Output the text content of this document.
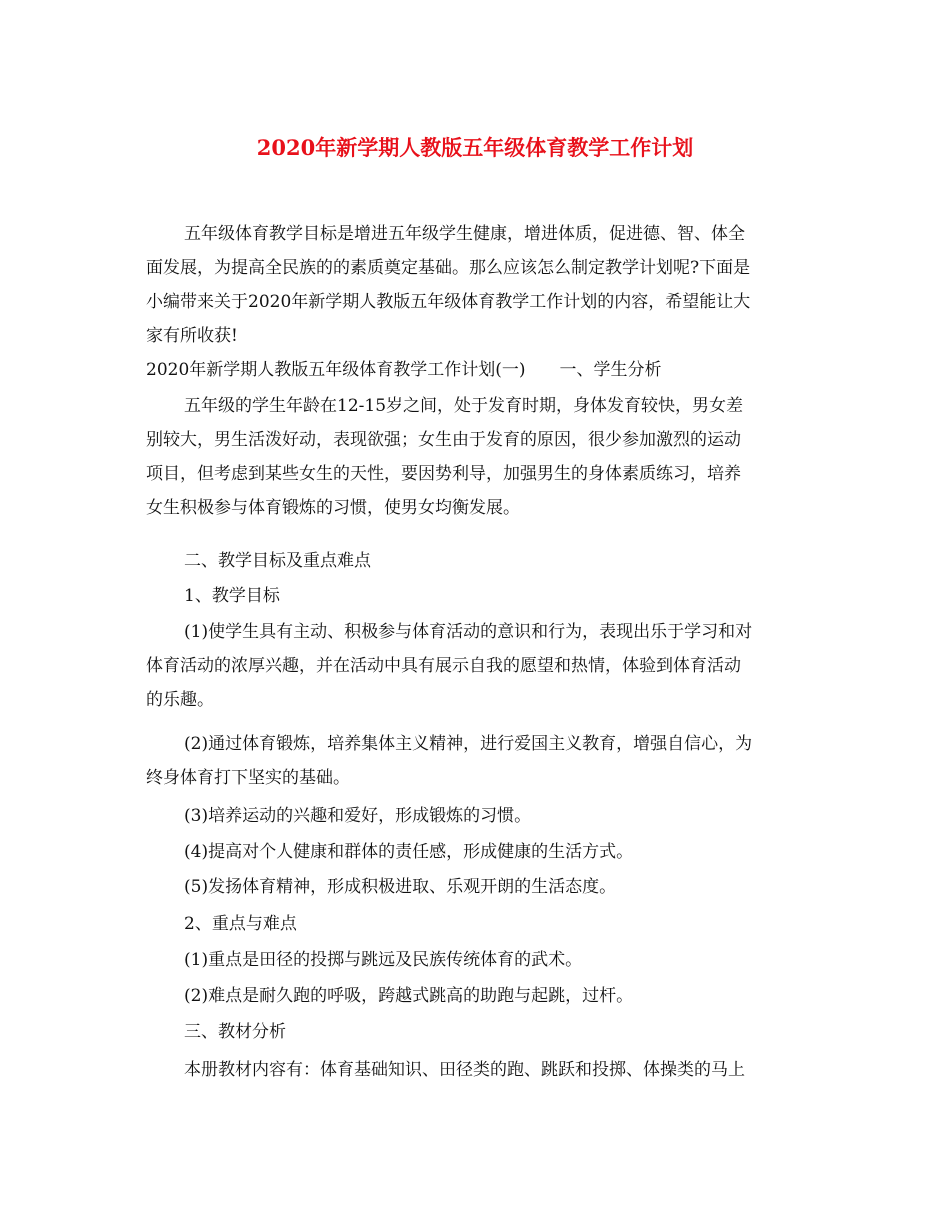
2020年新学期人教版五年级体育教学工作计划
五年级体育教学目标是增进五年级学生健康，增进体质，促进德、智、体全
面发展，为提高全民族的的素质奠定基础。那么应该怎么制定教学计划呢?下面是
小编带来关于2020年新学期人教版五年级体育教学工作计划的内容，希望能让大
家有所收获!
2020年新学期人教版五年级体育教学工作计划(一)　　一、学生分析
五年级的学生年龄在12-15岁之间，处于发育时期，身体发育较快，男女差
别较大，男生活泼好动，表现欲强；女生由于发育的原因，很少参加激烈的运动
项目，但考虑到某些女生的天性，要因势利导，加强男生的身体素质练习，培养
女生积极参与体育锻炼的习惯，使男女均衡发展。
二、教学目标及重点难点
1、教学目标
(1)使学生具有主动、积极参与体育活动的意识和行为，表现出乐于学习和对
体育活动的浓厚兴趣，并在活动中具有展示自我的愿望和热情，体验到体育活动
的乐趣。
(2)通过体育锻炼，培养集体主义精神，进行爱国主义教育，增强自信心，为
终身体育打下坚实的基础。
(3)培养运动的兴趣和爱好，形成锻炼的习惯。
(4)提高对个人健康和群体的责任感，形成健康的生活方式。
(5)发扬体育精神，形成积极进取、乐观开朗的生活态度。
2、重点与难点
(1)重点是田径的投掷与跳远及民族传统体育的武术。
(2)难点是耐久跑的呼吸，跨越式跳高的助跑与起跳，过杆。
三、教材分析
本册教材内容有：体育基础知识、田径类的跑、跳跃和投掷、体操类的马上
